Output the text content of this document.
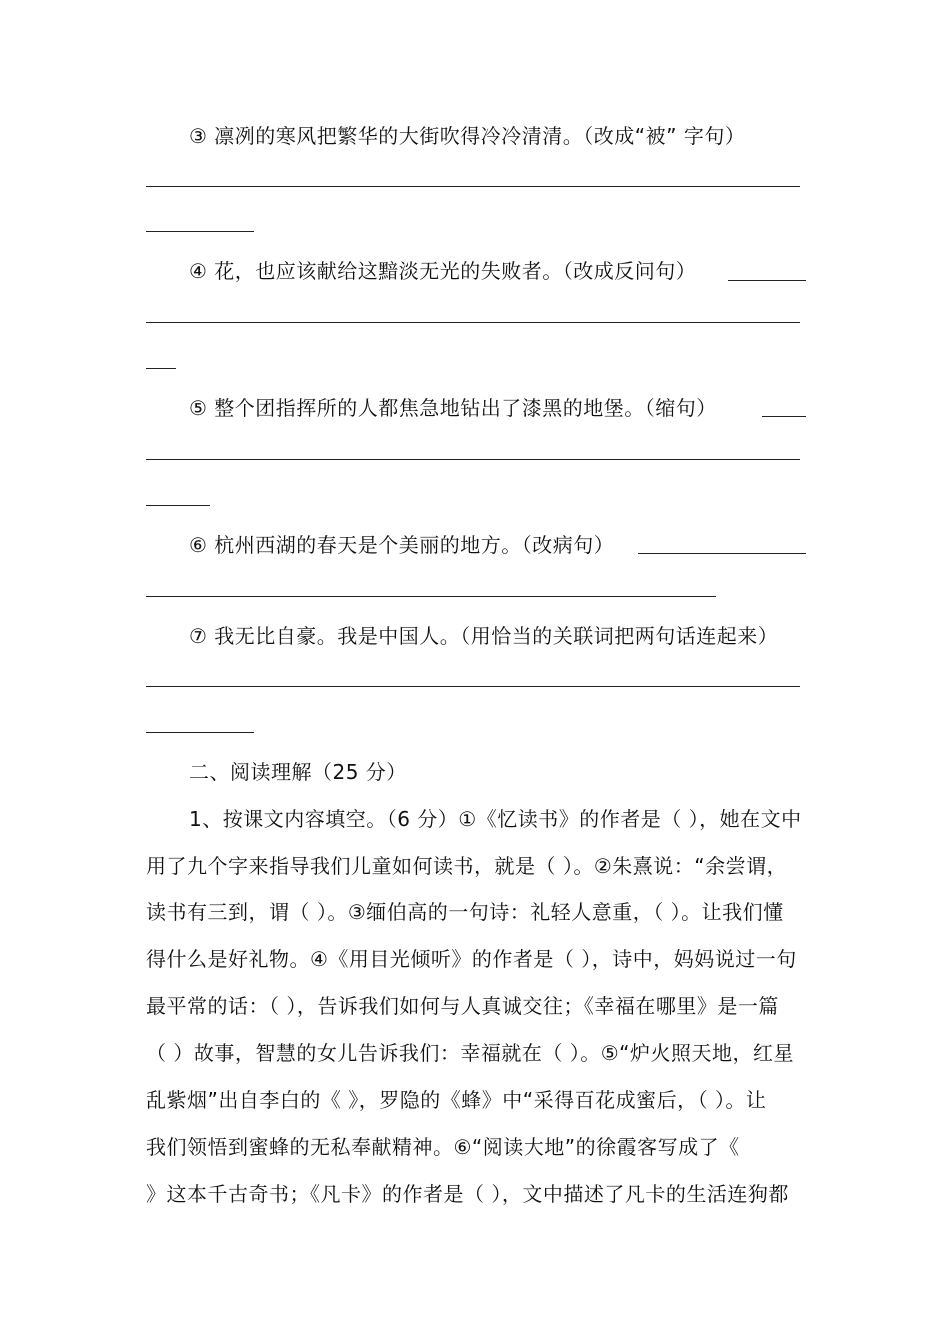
③ 凛冽的寒风把繁华的大街吹得冷冷清清。（改成“被” 字句）
④ 花，也应该献给这黯淡无光的失败者。（改成反问句）
⑤ 整个团指挥所的人都焦急地钻出了漆黑的地堡。（缩句）
⑥ 杭州西湖的春天是个美丽的地方。（改病句）
⑦ 我无比自豪。我是中国人。（用恰当的关联词把两句话连起来）
二、阅读理解（25 分）
1、按课文内容填空。（6 分）①《忆读书》的作者是（ ），她在文中
用了九个字来指导我们儿童如何读书，就是（ ）。②朱熹说：“余尝谓，
读书有三到，谓（ ）。③缅伯高的一句诗：礼轻人意重，（ ）。让我们懂
得什么是好礼物。④《用目光倾听》的作者是（ ），诗中，妈妈说过一句
最平常的话：（ ），告诉我们如何与人真诚交往；《幸福在哪里》是一篇
（ ）故事，智慧的女儿告诉我们：幸福就在（ ）。⑤“炉火照天地，红星
乱紫烟”出自李白的《 》，罗隐的《蜂》中“采得百花成蜜后，（ ）。让
我们领悟到蜜蜂的无私奉献精神。⑥“阅读大地”的徐霞客写成了《
》这本千古奇书；《凡卡》的作者是（ ），文中描述了凡卡的生活连狗都
